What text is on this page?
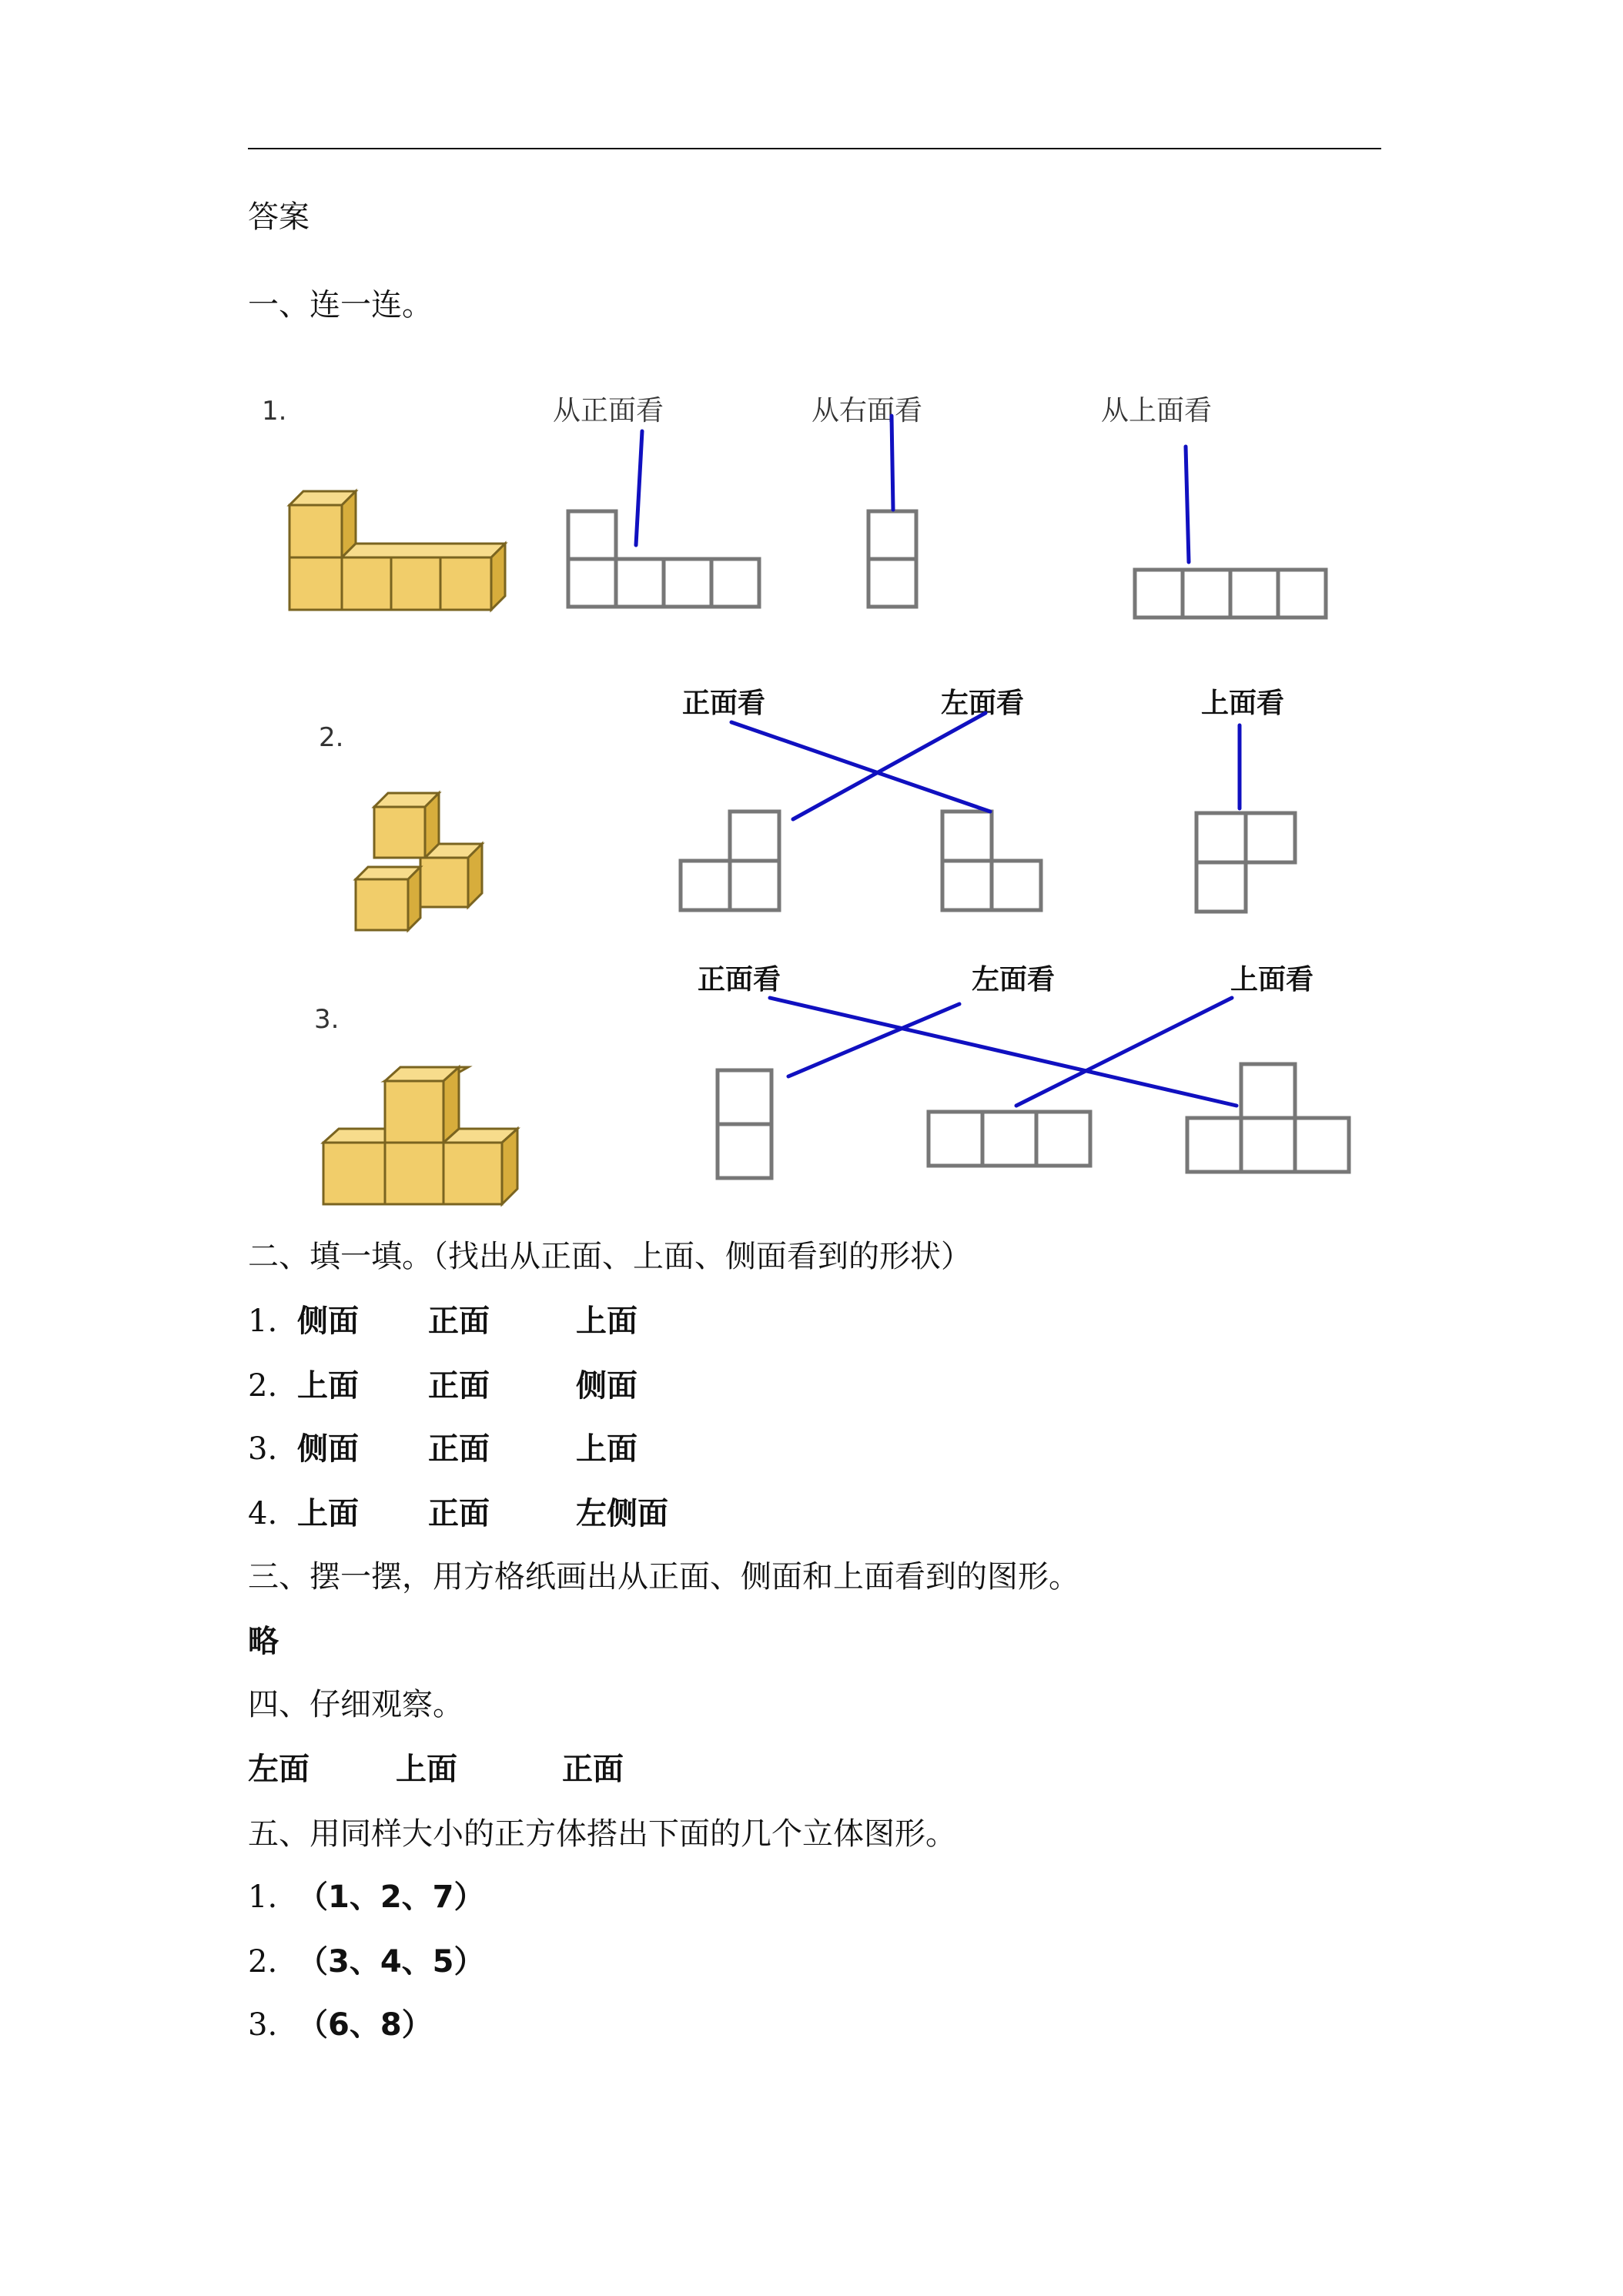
答案
一、连一连。
1.
2.
3.
从正面看	从右面看	从上面看
正面看	左面看	上面看
正面看	左面看	上面看
二、填一填。（找出从正面、上面、侧面看到的形状）
1. 侧面 正面	上面
2. 上面 正面	侧面
3. 侧面 正面	上面
4. 上面 正面	左侧面
三、摆一摆，用方格纸画出从正面、侧面和上面看到的图形。
略
四、仔细观察。
左面	上面	正面
五、用同样大小的正方体搭出下面的几个立体图形。
1. （1、2、7）
2. （3、4、5）
3. （6、8）
